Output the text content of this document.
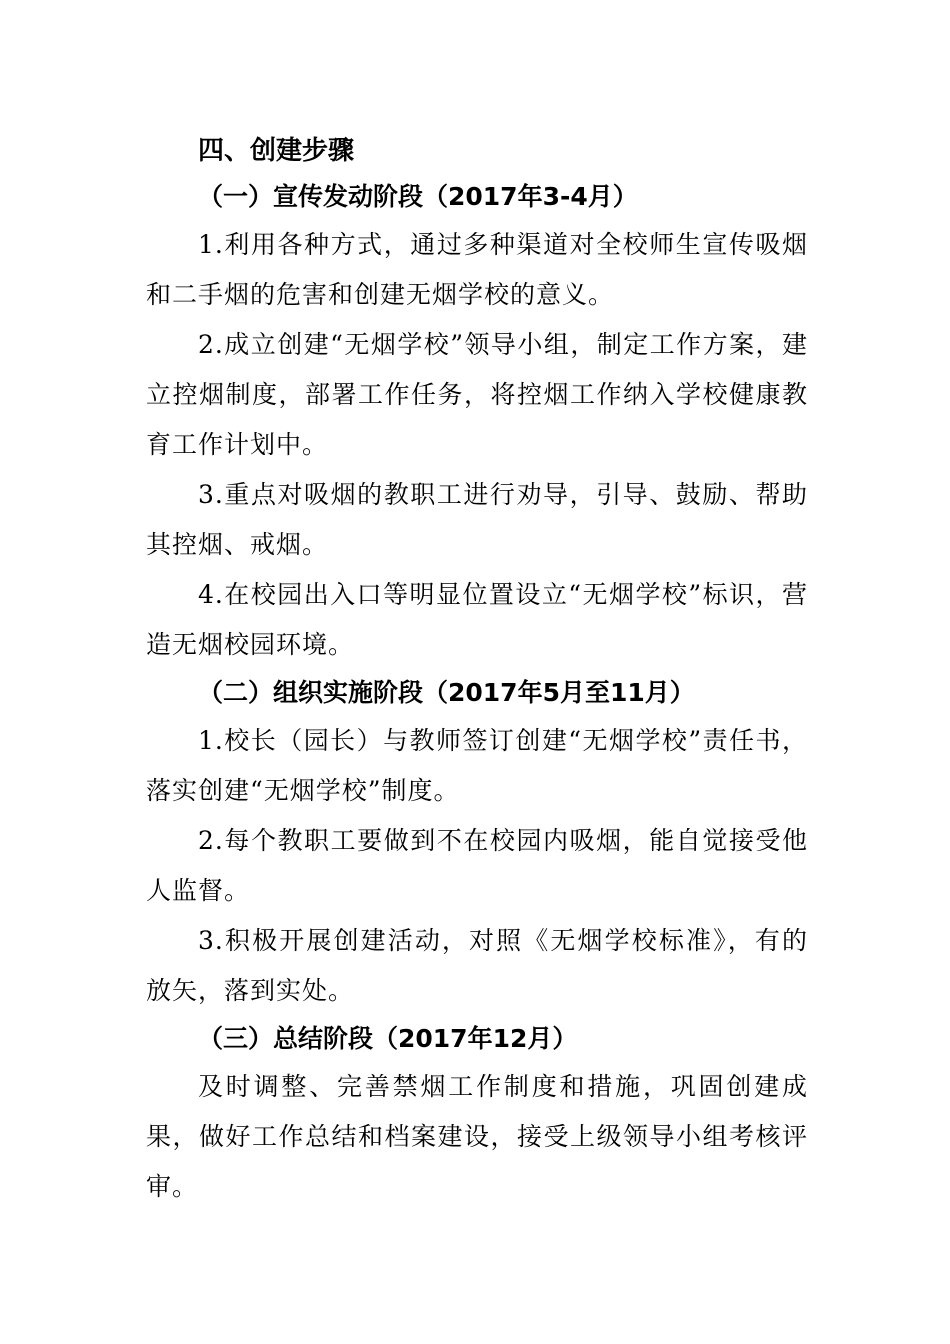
四、创建步骤
（一）宣传发动阶段（2017年3-4月）

1.利用各种方式，通过多种渠道对全校师生宣传吸烟和二手烟的危害和创建无烟学校的意义。

2.成立创建“无烟学校”领导小组，制定工作方案，建立控烟制度，部署工作任务，将控烟工作纳入学校健康教育工作计划中。

3.重点对吸烟的教职工进行劝导，引导、鼓励、帮助其控烟、戒烟。

4.在校园出入口等明显位置设立“无烟学校”标识，营造无烟校园环境。

（二）组织实施阶段（2017年5月至11月）

1.校长（园长）与教师签订创建“无烟学校”责任书，落实创建“无烟学校”制度。

2.每个教职工要做到不在校园内吸烟，能自觉接受他人监督。

3.积极开展创建活动，对照《无烟学校标准》，有的放矢，落到实处。

（三）总结阶段（2017年12月）

及时调整、完善禁烟工作制度和措施，巩固创建成果，做好工作总结和档案建设，接受上级领导小组考核评审。
